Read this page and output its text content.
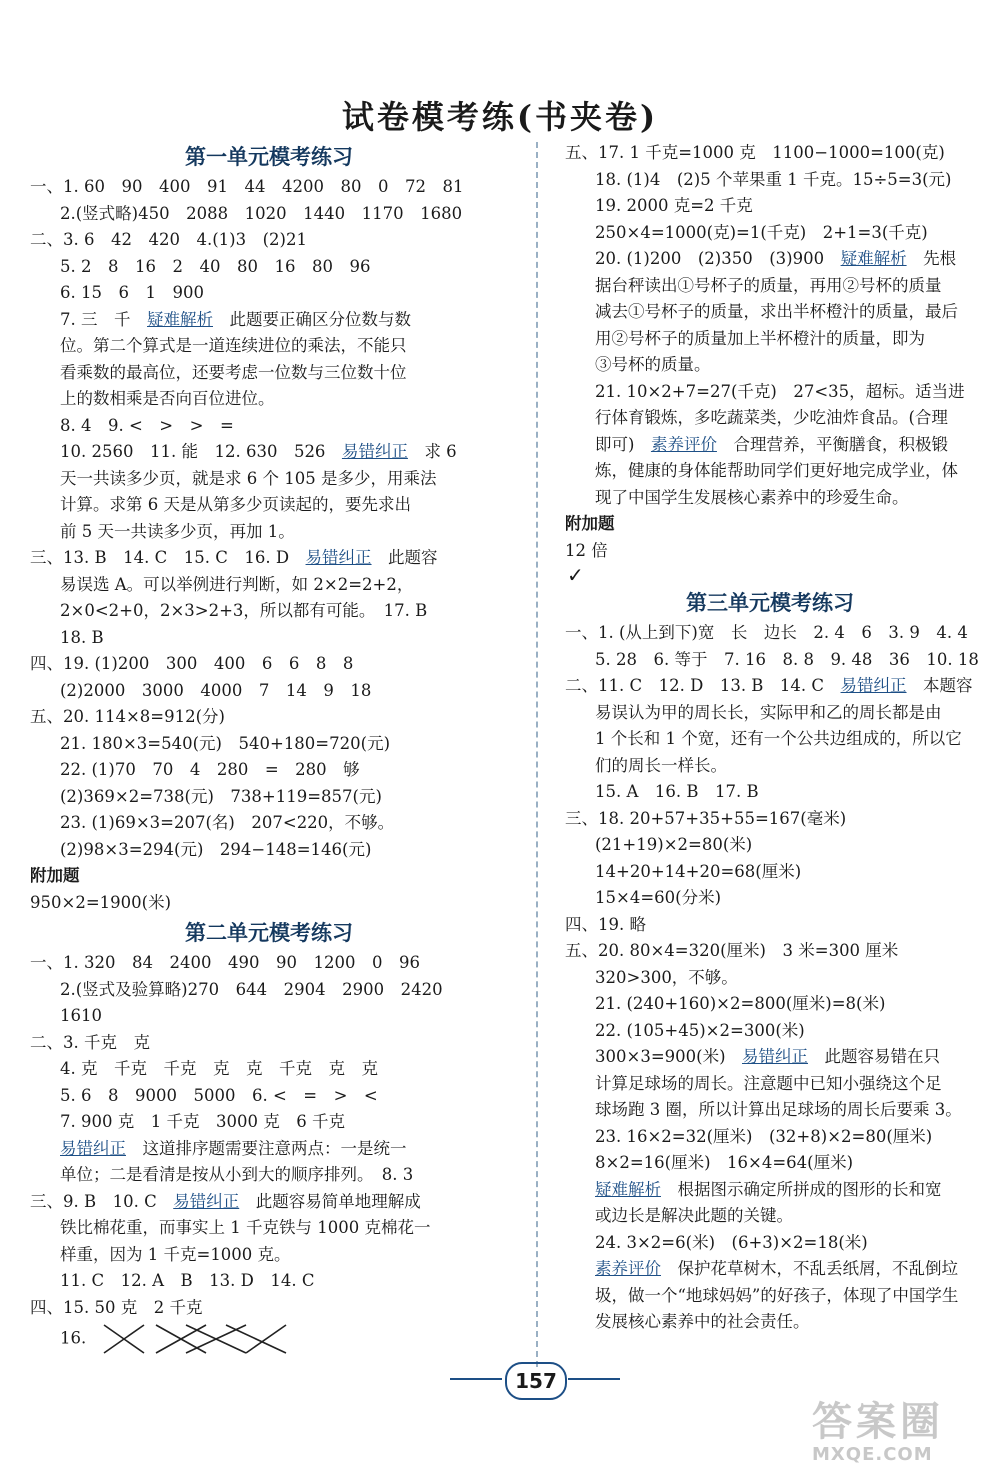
试卷模考练(书夹卷)
第一单元模考练习
一、1. 60　90　400　91　44　4200　80　0　72　81
2.(竖式略)450　2088　1020　1440　1170　1680
二、3. 6　42　420　4.(1)3　(2)21
5. 2　8　16　2　40　80　16　80　96
6. 15　6　1　900
7. 三　千　疑难解析　此题要正确区分位数与数
位。第二个算式是一道连续进位的乘法，不能只
看乘数的最高位，还要考虑一位数与三位数十位
上的数相乘是否向百位进位。
8. 4　9. <　>　>　=
10. 2560　11. 能　12. 630　526　易错纠正　求 6
天一共读多少页，就是求 6 个 105 是多少，用乘法
计算。求第 6 天是从第多少页读起的，要先求出
前 5 天一共读多少页，再加 1。
三、13. B　14. C　15. C　16. D　易错纠正　此题容
易误选 A。可以举例进行判断，如 2×2=2+2，
2×0<2+0，2×3>2+3，所以都有可能。　17. B
18. B
四、19. (1)200　300　400　6　6　8　8
(2)2000　3000　4000　7　14　9　18
五、20. 114×8=912(分)
21. 180×3=540(元)　540+180=720(元)
22. (1)70　70　4　280　=　280　够
(2)369×2=738(元)　738+119=857(元)
23. (1)69×3=207(名)　207<220，不够。
(2)98×3=294(元)　294−148=146(元)
附加题
950×2=1900(米)
第二单元模考练习
一、1. 320　84　2400　490　90　1200　0　96
2.(竖式及验算略)270　644　2904　2900　2420
1610
二、3. 千克　克
4. 克　千克　千克　克　克　千克　克　克
5. 6　8　9000　5000　6. <　=　>　<
7. 900 克　1 千克　3000 克　6 千克
易错纠正　这道排序题需要注意两点：一是统一
单位；二是看清是按从小到大的顺序排列。　8. 3
三、9. B　10. C　易错纠正　此题容易简单地理解成
铁比棉花重，而事实上 1 千克铁与 1000 克棉花一
样重，因为 1 千克=1000 克。
11. C　12. A　B　13. D　14. C
四、15. 50 克　2 千克
16.
五、17. 1 千克=1000 克　1100−1000=100(克)
18. (1)4　(2)5 个苹果重 1 千克。15÷5=3(元)
19. 2000 克=2 千克
250×4=1000(克)=1(千克)　2+1=3(千克)
20. (1)200　(2)350　(3)900　疑难解析　先根
据台秤读出①号杯子的质量，再用②号杯的质量
减去①号杯子的质量，求出半杯橙汁的质量，最后
用②号杯子的质量加上半杯橙汁的质量，即为
③号杯的质量。
21. 10×2+7=27(千克)　27<35，超标。适当进
行体育锻炼，多吃蔬菜类，少吃油炸食品。(合理
即可)　素养评价　合理营养，平衡膳食，积极锻
炼，健康的身体能帮助同学们更好地完成学业，体
现了中国学生发展核心素养中的珍爱生命。
附加题
12 倍
✓
第三单元模考练习
一、1. (从上到下)宽　长　边长　2. 4　6　3. 9　4. 4
5. 28　6. 等于　7. 16　8. 8　9. 48　36　10. 18
二、11. C　12. D　13. B　14. C　易错纠正　本题容
易误认为甲的周长长，实际甲和乙的周长都是由
1 个长和 1 个宽，还有一个公共边组成的，所以它
们的周长一样长。
15. A　16. B　17. B
三、18. 20+57+35+55=167(毫米)
(21+19)×2=80(米)
14+20+14+20=68(厘米)
15×4=60(分米)
四、19. 略
五、20. 80×4=320(厘米)　3 米=300 厘米
320>300，不够。
21. (240+160)×2=800(厘米)=8(米)
22. (105+45)×2=300(米)
300×3=900(米)　易错纠正　此题容易错在只
计算足球场的周长。注意题中已知小强绕这个足
球场跑 3 圈，所以计算出足球场的周长后要乘 3。
23. 16×2=32(厘米)　(32+8)×2=80(厘米)
8×2=16(厘米)　16×4=64(厘米)
疑难解析　根据图示确定所拼成的图形的长和宽
或边长是解决此题的关键。
24. 3×2=6(米)　(6+3)×2=18(米)
素养评价　保护花草树木，不乱丢纸屑，不乱倒垃
圾，做一个“地球妈妈”的好孩子，体现了中国学生
发展核心素养中的社会责任。
157
答案圈
MXQE.COM
